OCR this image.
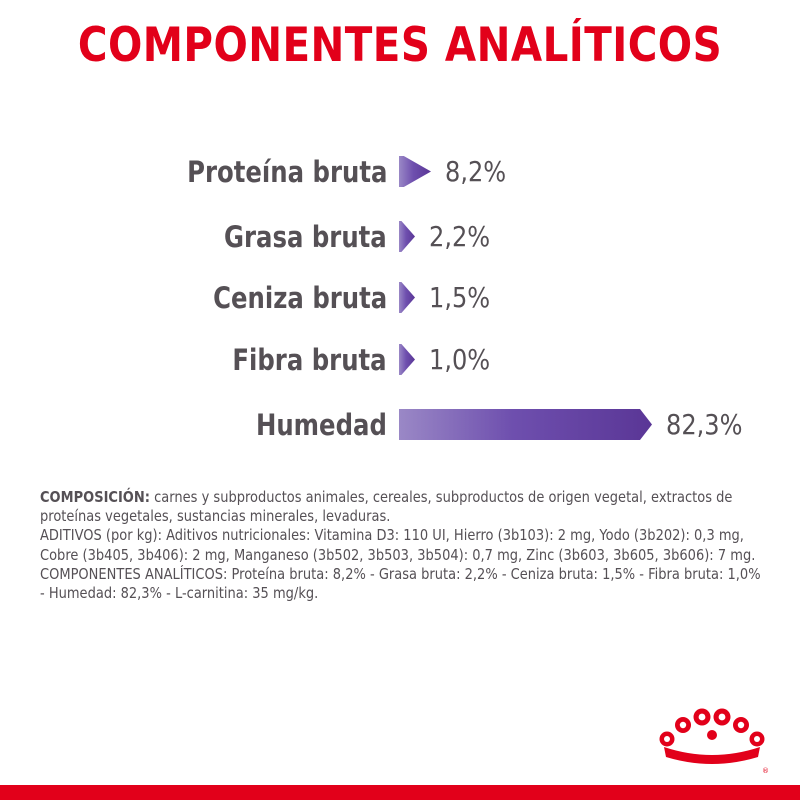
COMPONENTES ANALÍTICOS
Proteína bruta 8,2%
Grasa bruta 2,2%
Ceniza bruta 1,5%
Fibra bruta 1,0%
Humedad	82,3%

COMPOSICIÓN: carnes y subproductos animales, cereales, subproductos de origen vegetal, extractos de

proteínas vegetales, sustancias minerales, levaduras.

ADITIVOS (por kg): Aditivos nutricionales: Vitamina D3: 110 UI, Hierro (3b103): 2 mg, Yodo (3b202): 0,3 mg,

Cobre (3b405, 3b406): 2 mg, Manganeso (3b502, 3b503, 3b504): 0,7 mg, Zinc (3b603, 3b605, 3b606): 7 mg.

COMPONENTES ANALÍTICOS: Proteína bruta: 8,2% - Grasa bruta: 2,2% - Ceniza bruta: 1,5% - Fibra bruta: 1,0%

- Humedad: 82,3% - L-carnitina: 35 mg/kg.

®
